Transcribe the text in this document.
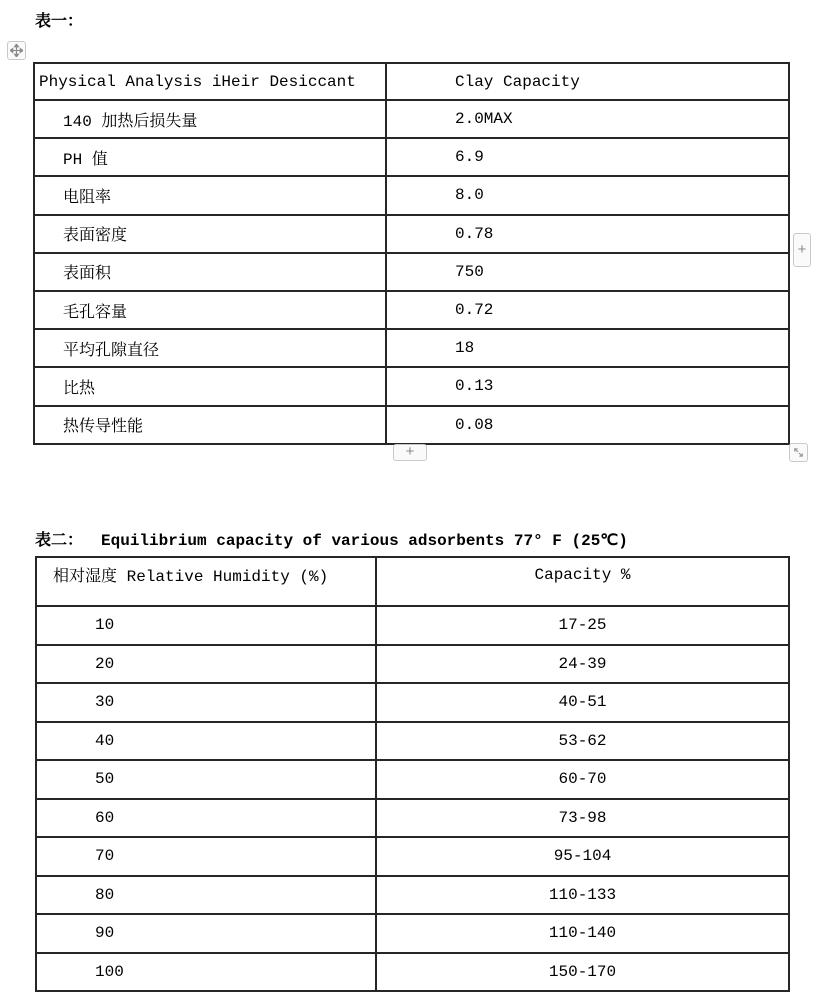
表一：
Physical Analysis iHeir Desiccant	Clay Capacity
140 加热后损失量	2.0MAX
PH 值	6.9
电阻率	8.0
表面密度	0.78
表面积	750
毛孔容量	0.72
平均孔隙直径	18
比热	0.13
热传导性能	0.08
+
+
表二： Equilibrium capacity of various adsorbents 77° F (25℃)
相对湿度 Relative Humidity (%)	Capacity %
10	17-25
20	24-39
30	40-51
40	53-62
50	60-70
60	73-98
70	95-104
80	110-133
90	110-140
100	150-170
